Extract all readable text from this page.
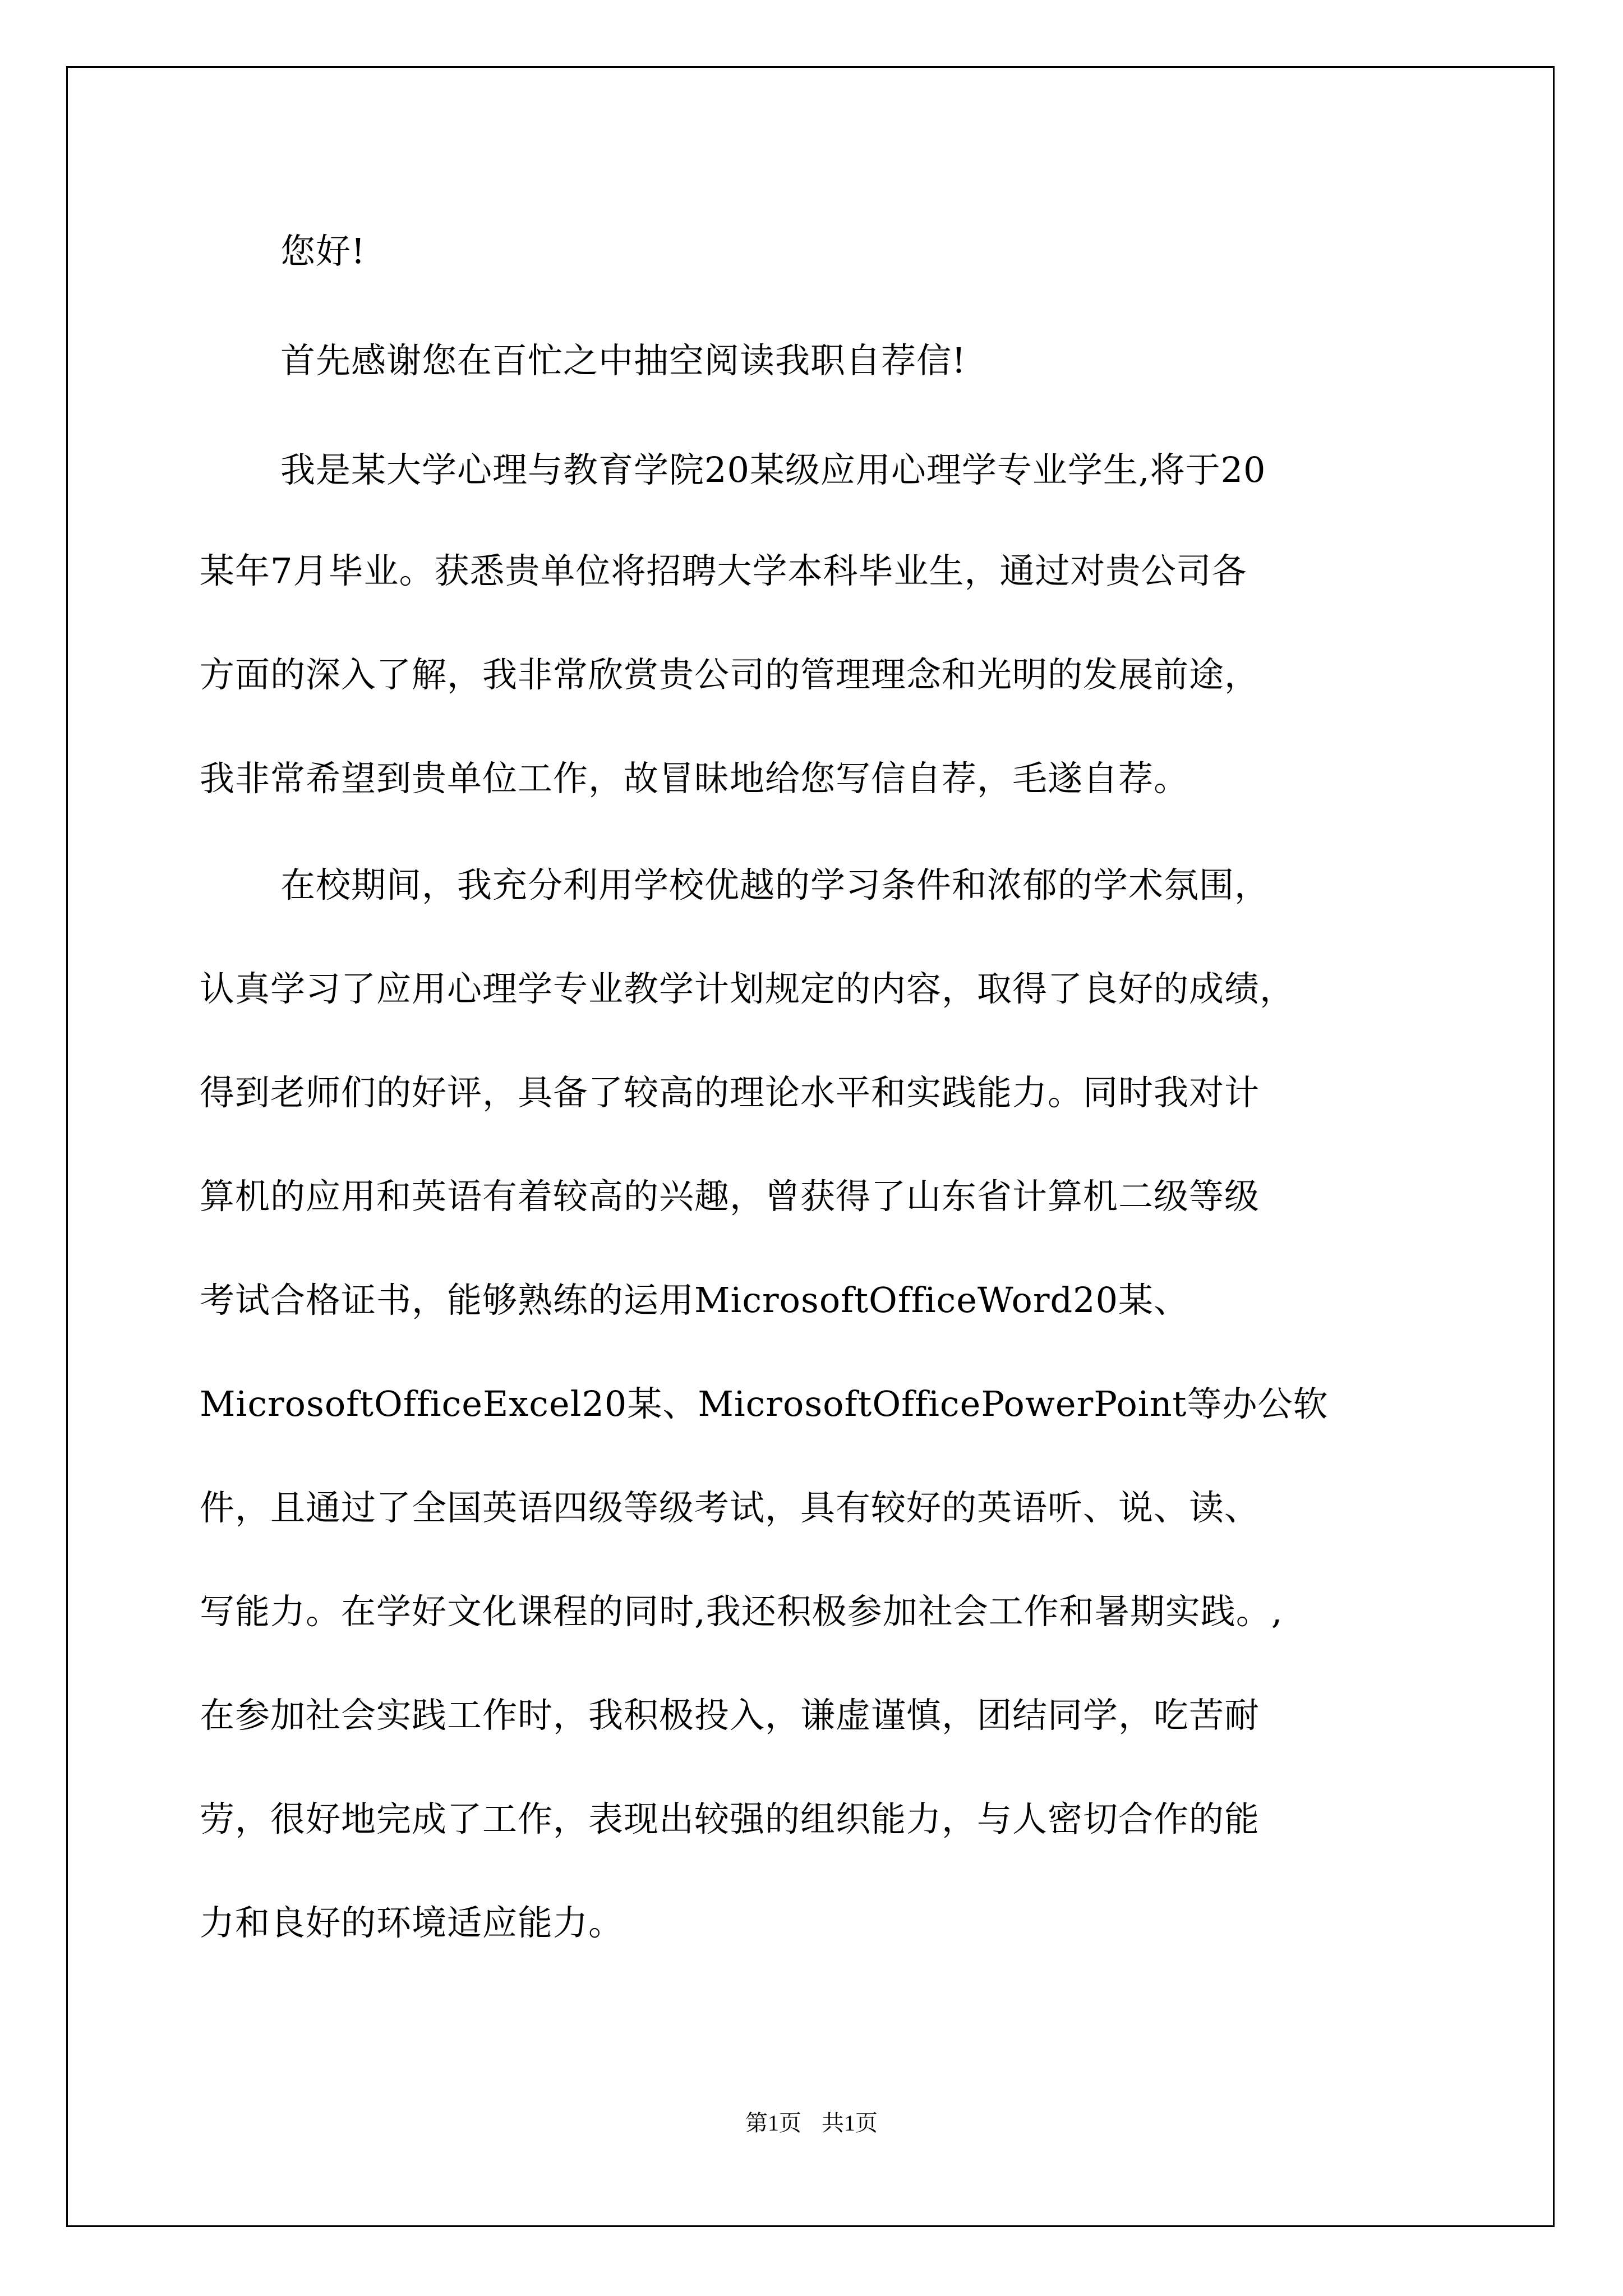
您好!
首先感谢您在百忙之中抽空阅读我职自荐信!
我是某大学心理与教育学院20某级应用心理学专业学生,将于20
某年7月毕业。获悉贵单位将招聘大学本科毕业生，通过对贵公司各
方面的深入了解，我非常欣赏贵公司的管理理念和光明的发展前途，
我非常希望到贵单位工作，故冒昧地给您写信自荐，毛遂自荐。
在校期间，我充分利用学校优越的学习条件和浓郁的学术氛围，
认真学习了应用心理学专业教学计划规定的内容，取得了良好的成绩，
得到老师们的好评，具备了较高的理论水平和实践能力。同时我对计
算机的应用和英语有着较高的兴趣，曾获得了山东省计算机二级等级
考试合格证书，能够熟练的运用MicrosoftOfficeWord20某、
MicrosoftOfficeExcel20某、MicrosoftOfficePowerPoint等办公软
件，且通过了全国英语四级等级考试，具有较好的英语听、说、读、
写能力。在学好文化课程的同时,我还积极参加社会工作和暑期实践。,
在参加社会实践工作时，我积极投入，谦虚谨慎，团结同学，吃苦耐
劳，很好地完成了工作，表现出较强的组织能力，与人密切合作的能
力和良好的环境适应能力。
第1页 共1页
